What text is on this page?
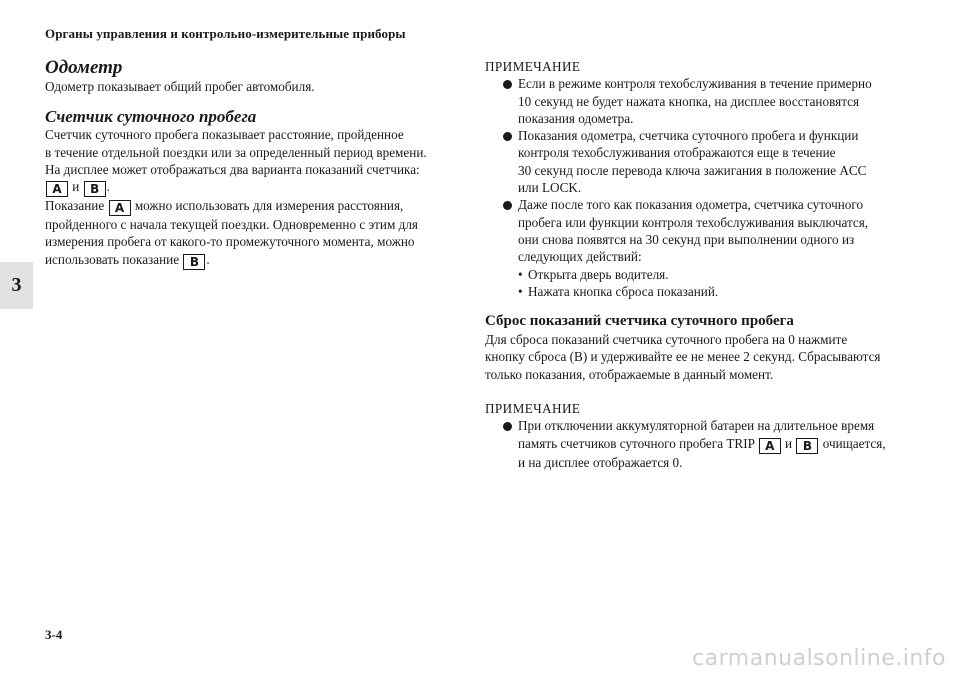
Органы управления и контрольно-измерительные приборы
3
Одометр

Одометр показывает общий пробег автомобиля.

Счетчик суточного пробега

Счетчик суточного пробега показывает расстояние, пройденное

в течение отдельной поездки или за определенный период времени.

На дисплее может отображаться два варианта показаний счетчика:

A и B .

Показание A можно использовать для измерения расстояния,

пройденного с начала текущей поездки. Одновременно с этим для

измерения пробега от какого-то промежуточного момента, можно

использовать показание B .

ПРИМЕЧАНИЕ

Если в режиме контроля техобслуживания в течение примерно

10 секунд не будет нажата кнопка, на дисплее восстановятся

показания одометра.

Показания одометра, счетчика суточного пробега и функции

контроля техобслуживания отображаются еще в течение

30 секунд после перевода ключа зажигания в положение ACC

или LOCK.

Даже после того как показания одометра, счетчика суточного

пробега или функции контроля техобслуживания выключатся,

они снова появятся на 30 секунд при выполнении одного из

следующих действий:

• Открыта дверь водителя.
• Нажата кнопка сброса показаний.
Сброс показаний счетчика суточного пробега

Для сброса показаний счетчика суточного пробега на 0 нажмите

кнопку сброса (B) и удерживайте ее не менее 2 секунд. Сбрасываются

только показания, отображаемые в данный момент.

ПРИМЕЧАНИЕ

При отключении аккумуляторной батареи на длительное время

память счетчиков суточного пробега TRIP A и B очищается,

и на дисплее отображается 0.

3-4
carmanualsonline.info
